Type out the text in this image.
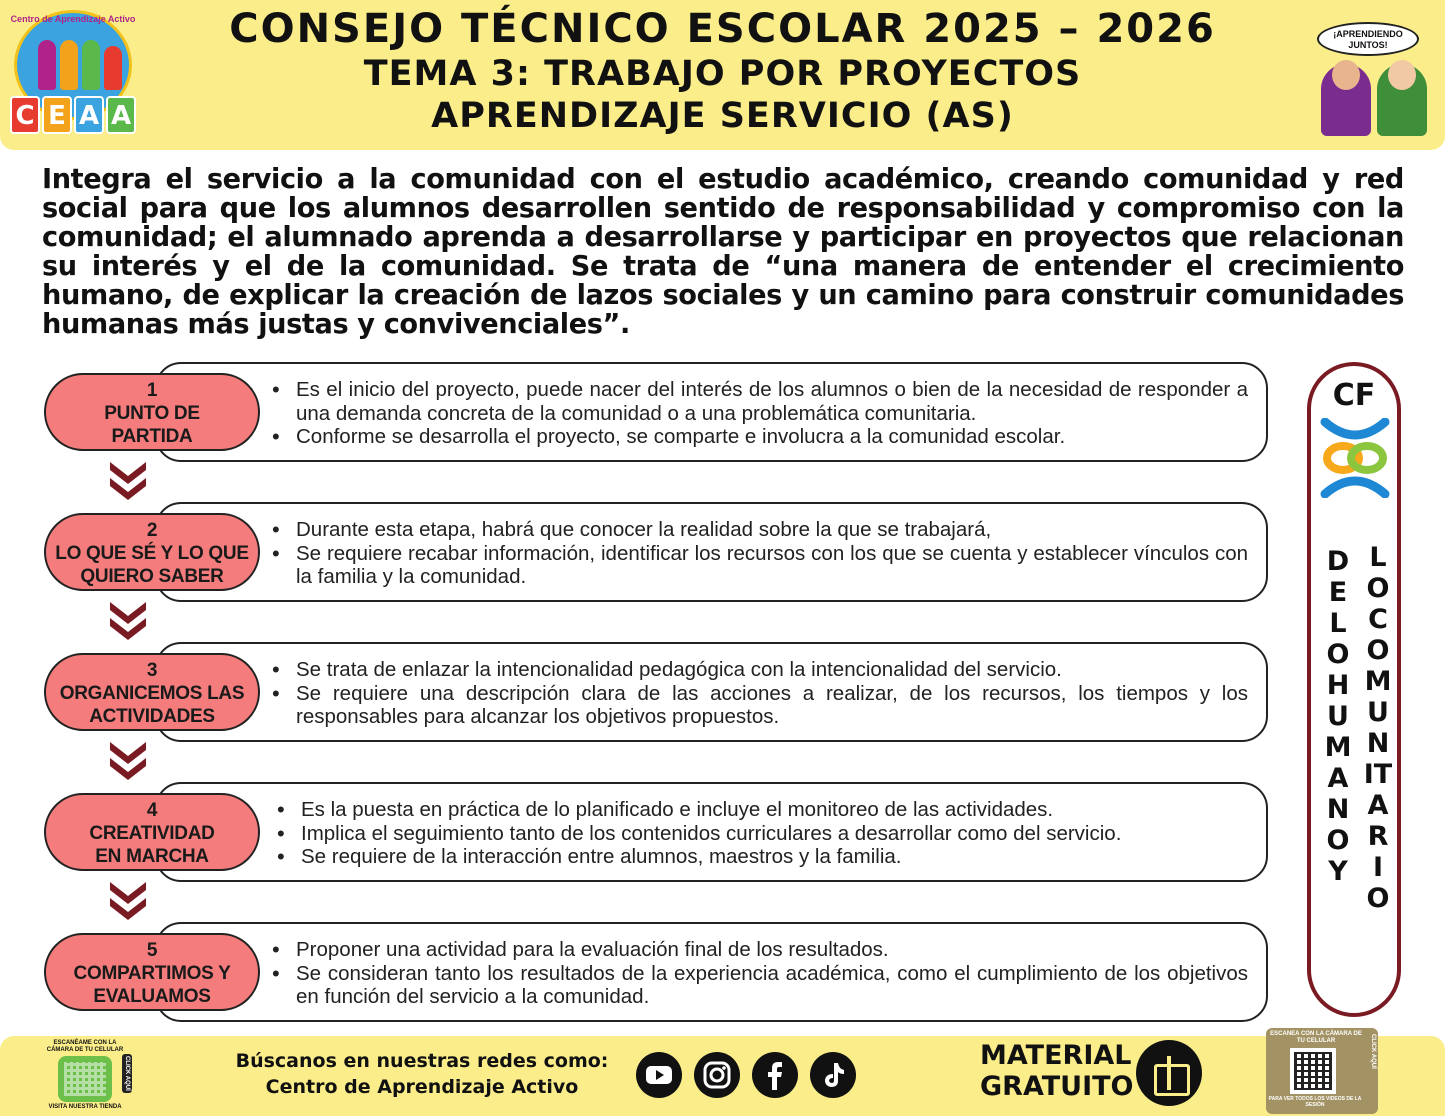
Centro de Aprendizaje Activo
C E A A
CONSEJO TÉCNICO ESCOLAR 2025 – 2026
TEMA 3: TRABAJO POR PROYECTOS
APRENDIZAJE SERVICIO (AS)
¡APRENDIENDO JUNTOS!
Integra el servicio a la comunidad con el estudio académico, creando comunidad y red social para que los alumnos desarrollen sentido de responsabilidad y compromiso con la comunidad; el alumnado aprenda a desarrollarse y participar en proyectos que relacionan su interés y el de la comunidad. Se trata de “una manera de entender el crecimiento humano, de explicar la creación de lazos sociales y un camino para construir comunidades humanas más justas y convivenciales”.
• Es el inicio del proyecto, puede nacer del interés de los alumnos o bien de la necesidad de responder a una demanda concreta de la comunidad o a una problemática comunitaria.
• Conforme se desarrolla el proyecto, se comparte e involucra a la comunidad escolar.
1
PUNTO DE PARTIDA
• Durante esta etapa, habrá que conocer la realidad sobre la que se trabajará,
• Se requiere recabar información, identificar los recursos con los que se cuenta y establecer vínculos con la familia y la comunidad.
2
LO QUE SÉ Y LO QUE QUIERO SABER
• Se trata de enlazar la intencionalidad pedagógica con la intencionalidad del servicio.
• Se requiere una descripción clara de las acciones a realizar, de los recursos, los tiempos y los responsables para alcanzar los objetivos propuestos.
3
ORGANICEMOS LAS ACTIVIDADES
• Es la puesta en práctica de lo planificado e incluye el monitoreo de las actividades.
• Implica el seguimiento tanto de los contenidos curriculares a desarrollar como del servicio.
• Se requiere de la interacción entre alumnos, maestros y la familia.
4
CREATIVIDAD EN MARCHA
• Proponer una actividad para la evaluación final de los resultados.
• Se consideran tanto los resultados de la experiencia académica, como el cumplimiento de los objetivos en función del servicio a la comunidad.
5
COMPARTIMOS Y EVALUAMOS
CF
DE LO HUMANO Y
LO COMUNITARIO
ESCANÉAME CON LA CÁMARA DE TU CELULAR
CLICK AQUÍ
VISITA NUESTRA TIENDA
Búscanos en nuestras redes como:
Centro de Aprendizaje Activo
MATERIAL
GRATUITO
ESCANEA CON LA CÁMARA DE TU CELULAR	CLICK AQUÍ
PARA VER TODOS LOS VIDEOS DE LA SESIÓN
